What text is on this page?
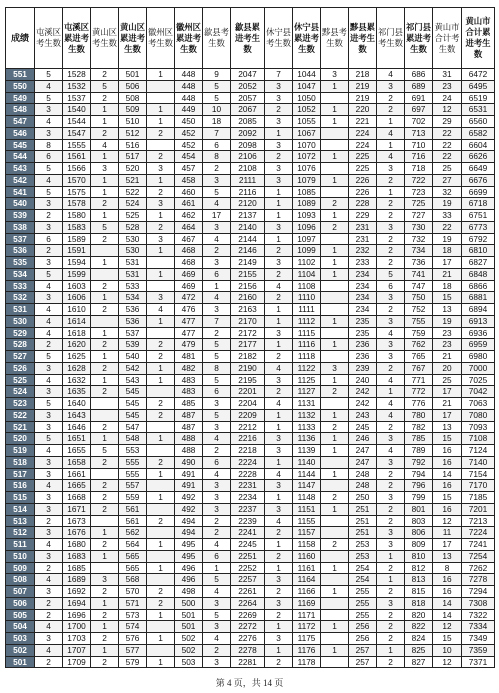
成绩	屯溪区考生数	屯溪区累进考生数	黄山区考生数	黄山区累进考生数	徽州区考生数	徽州区累进考生数	歙县考生数	歙县累进考生数	休宁县考生数	休宁县累进考生数	黟县考生数	黟县累进考生数	祁门县考生数	祁门县累进考生数	黄山市合计考生数	黄山市合计累进考生数
551	5	1528	2	501	1	448	9	2047	7	1044	3	218	4	686	31	6472
550	4	1532	5	506		448	5	2052	3	1047	1	219	3	689	23	6495
549	5	1537	2	508		448	5	2057	3	1050		219	2	691	24	6519
548	3	1540	1	509	1	449	10	2067	2	1052	1	220	2	697	12	6531
547	4	1544	1	510	1	450	18	2085	3	1055	1	221	1	702	29	6560
546	3	1547	2	512	2	452	7	2092	1	1067		224	4	713	22	6582
545	8	1555	4	516		452	6	2098	3	1070		224	1	710	22	6604
544	6	1561	1	517	2	454	8	2106	2	1072	1	225	4	716	22	6626
543	5	1566	3	520	3	457	2	2108	3	1076		225	3	718	25	6649
542	4	1570	1	521	1	458	3	2111	3	1079	1	226	2	722	27	6676
541	5	1575	1	522	2	460	5	2116	1	1085		226	1	723	32	6699
540	3	1578	2	524	3	461	4	2120	1	1089	2	228	2	725	19	6718
539	2	1580	1	525	1	462	17	2137	1	1093	1	229	2	727	33	6751
538	3	1583	5	528	2	464	3	2140	3	1096	2	231	3	730	22	6773
537	6	1589	2	530	3	467	4	2144	1	1097		231	2	732	19	6792
536	2	1591		530	1	468	2	2146	2	1099	1	232	2	734	18	6810
535	3	1594	1	531		468	3	2149	3	1102	1	233	2	736	17	6827
534	5	1599		531	1	469	6	2155	2	1104	1	234	5	741	21	6848
533	4	1603	2	533		469	1	2156	4	1108		234	6	747	18	6866
532	3	1606	1	534	3	472	4	2160	2	1110		234	3	750	15	6881
531	4	1610	2	536	4	476	3	2163	1	1111		234	2	752	13	6894
530	4	1614		536	1	477	7	2170	1	1112	1	235	3	755	19	6913
529	4	1618	1	537		477	2	2172	3	1115		235	4	759	23	6936
528	2	1620	2	539	2	479	5	2177	1	1116	1	236	3	762	23	6959
527	5	1625	1	540	2	481	5	2182	2	1118		236	3	765	21	6980
526	3	1628	2	542	1	482	8	2190	4	1122	3	239	2	767	20	7000
525	4	1632	1	543	1	483	5	2195	3	1125	1	240	4	771	25	7025
524	3	1635	2	545		483	6	2201	2	1127	2	242	1	772	17	7042
523	5	1640		545	2	485	3	2204	4	1131		242	4	776	21	7063
522	3	1643		545	2	487	5	2209	1	1132	1	243	4	780	17	7080
521	3	1646	2	547		487	3	2212	1	1133	2	245	2	782	13	7093
520	5	1651	1	548	1	488	4	2216	3	1136	1	246	3	785	15	7108
519	4	1655	5	553		488	2	2218	3	1139	1	247	4	789	16	7124
518	3	1658	2	555	2	490	6	2224	1	1140		247	3	792	16	7140
517	3	1661		555	1	491	4	2228	4	1144	1	248	2	794	14	7154
516	4	1665	2	557		491	3	2231	3	1147		248	2	796	16	7170
515	3	1668	2	559	1	492	3	2234	1	1148	2	250	3	799	15	7185
514	3	1671	2	561		492	3	2237	3	1151	1	251	2	801	16	7201
513	2	1673		561	2	494	2	2239	4	1155		251	2	803	12	7213
512	3	1676	1	562		494	2	2241	2	1157		251	3	806	11	7224
511	4	1680	2	564	1	495	4	2245	1	1158	2	253	3	809	17	7241
510	3	1683	1	565		495	6	2251	2	1160		253	1	810	13	7254
509	2	1685		565	1	496	1	2252	1	1161	1	254	2	812	8	7262
508	4	1689	3	568		496	5	2257	3	1164		254	1	813	16	7278
507	3	1692	2	570	2	498	4	2261	2	1166	1	255	2	815	16	7294
506	2	1694	1	571	2	500	3	2264	3	1169		255	3	818	14	7308
505	2	1696	2	573	1	501	5	2269	2	1171		255	2	820	14	7322
504	4	1700	1	574		501	3	2272	1	1172	1	256	2	822	12	7334
503	3	1703	2	576	1	502	4	2276	3	1175		256	2	824	15	7349
502	4	1707	1	577		502	2	2278	1	1176	1	257	1	825	10	7359
501	2	1709	2	579	1	503	3	2281	2	1178		257	2	827	12	7371
第 4 页，共 14 页
